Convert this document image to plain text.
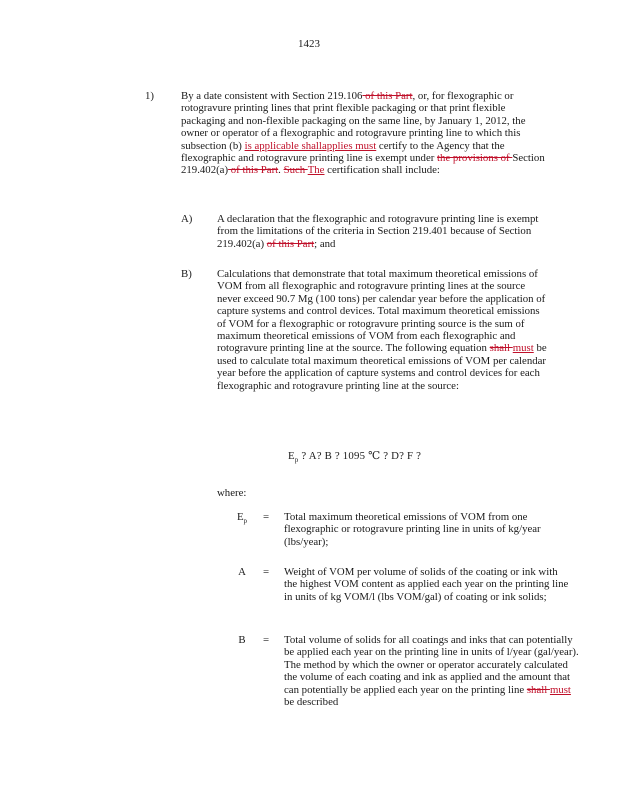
1423
1)	By a date consistent with Section 219.106 of this Part, or, for flexographic or rotogravure printing lines that print flexible packaging or that print flexible packaging and non-flexible packaging on the same line, by January 1, 2012, the owner or operator of a flexographic and rotogravure printing line to which this subsection (b) is applicable shallapplies must certify to the Agency that the flexographic and rotogravure printing line is exempt under the provisions of Section 219.402(a) of this Part. Such The certification shall include:
A) A declaration that the flexographic and rotogravure printing line is exempt from the limitations of the criteria in Section 219.401 because of Section 219.402(a) of this Part; and
B) Calculations that demonstrate that total maximum theoretical emissions of VOM from all flexographic and rotogravure printing lines at the source never exceed 90.7 Mg (100 tons) per calendar year before the application of capture systems and control devices. Total maximum theoretical emissions of VOM for a flexographic or rotogravure printing source is the sum of maximum theoretical emissions of VOM from each flexographic and rotogravure printing line at the source. The following equation shall must be used to calculate total maximum theoretical emissions of VOM per calendar year before the application of capture systems and control devices for each flexographic and rotogravure printing line at the source:
$E_p$ ? A? B ? 1095 ℃ ? D? F ?
where:
$E_p$	= Total maximum theoretical emissions of VOM from one flexographic or rotogravure printing line in units of kg/year (lbs/year);
A	= Weight of VOM per volume of solids of the coating or ink with the highest VOM content as applied each year on the printing line in units of kg VOM/l (lbs VOM/gal) of coating or ink solids;
B	= Total volume of solids for all coatings and inks that can potentially be applied each year on the printing line in units of l/year (gal/year). The method by which the owner or operator accurately calculated the volume of each coating and ink as applied and the amount that can potentially be applied each year on the printing line shall must be described
